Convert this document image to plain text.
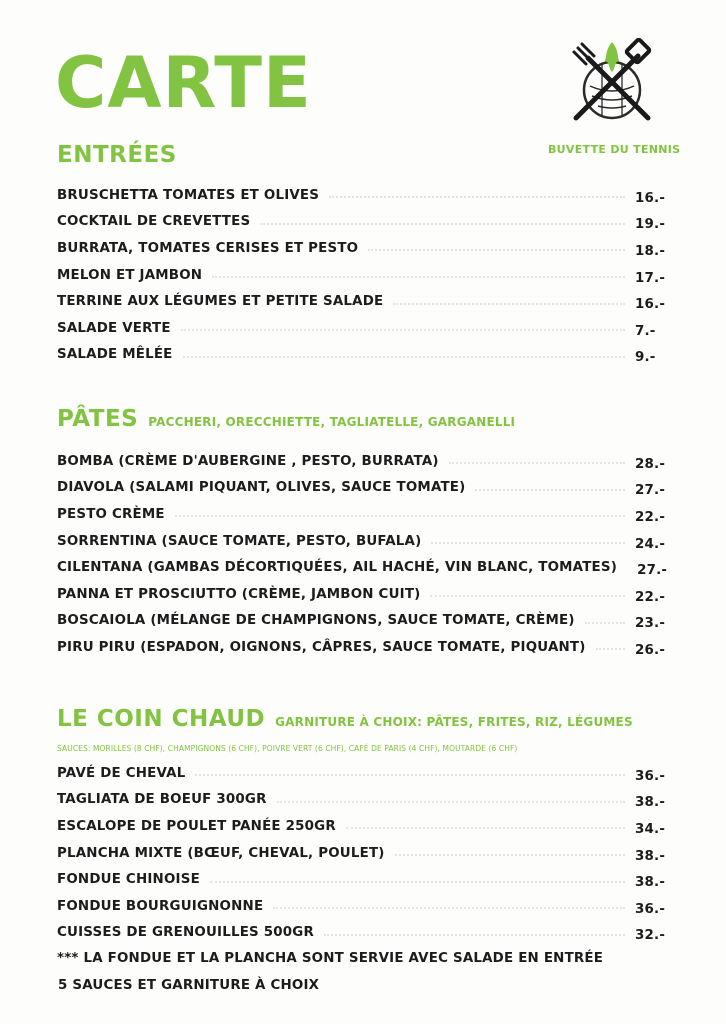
CARTE
BUVETTE DU TENNIS
ENTRÉES
BRUSCHETTA TOMATES ET OLIVES	16.-
COCKTAIL DE CREVETTES	19.-
BURRATA, TOMATES CERISES ET PESTO	18.-
MELON ET JAMBON	17.-
TERRINE AUX LÉGUMES ET PETITE SALADE	16.-
SALADE VERTE	7.-
SALADE MÊLÉE	9.-
PÂTES PACCHERI, ORECCHIETTE, TAGLIATELLE, GARGANELLI
BOMBA (CRÈME D'AUBERGINE , PESTO, BURRATA)	28.-
DIAVOLA (SALAMI PIQUANT, OLIVES, SAUCE TOMATE)	27.-
PESTO CRÈME	22.-
SORRENTINA (SAUCE TOMATE, PESTO, BUFALA)	24.-
CILENTANA (GAMBAS DÉCORTIQUÉES, AIL HACHÉ, VIN BLANC, TOMATES) 27.-
PANNA ET PROSCIUTTO (CRÈME, JAMBON CUIT)	22.-
BOSCAIOLA (MÉLANGE DE CHAMPIGNONS, SAUCE TOMATE, CRÈME)	23.-
PIRU PIRU (ESPADON, OIGNONS, CÂPRES, SAUCE TOMATE, PIQUANT)	26.-
LE COIN CHAUD GARNITURE À CHOIX: PÂTES, FRITES, RIZ, LÉGUMES
SAUCES: MORILLES (8 CHF), CHAMPIGNONS (6 CHF), POIVRE VERT (6 CHF), CAFÉ DE PARIS (4 CHF), MOUTARDE (6 CHF)
PAVÉ DE CHEVAL	36.-
TAGLIATA DE BOEUF 300GR	38.-
ESCALOPE DE POULET PANÉE 250GR	34.-
PLANCHA MIXTE (BŒUF, CHEVAL, POULET)	38.-
FONDUE CHINOISE	38.-
FONDUE BOURGUIGNONNE	36.-
CUISSES DE GRENOUILLES 500GR	32.-
*** LA FONDUE ET LA PLANCHA SONT SERVIE AVEC SALADE EN ENTRÉE
5 SAUCES ET GARNITURE À CHOIX
